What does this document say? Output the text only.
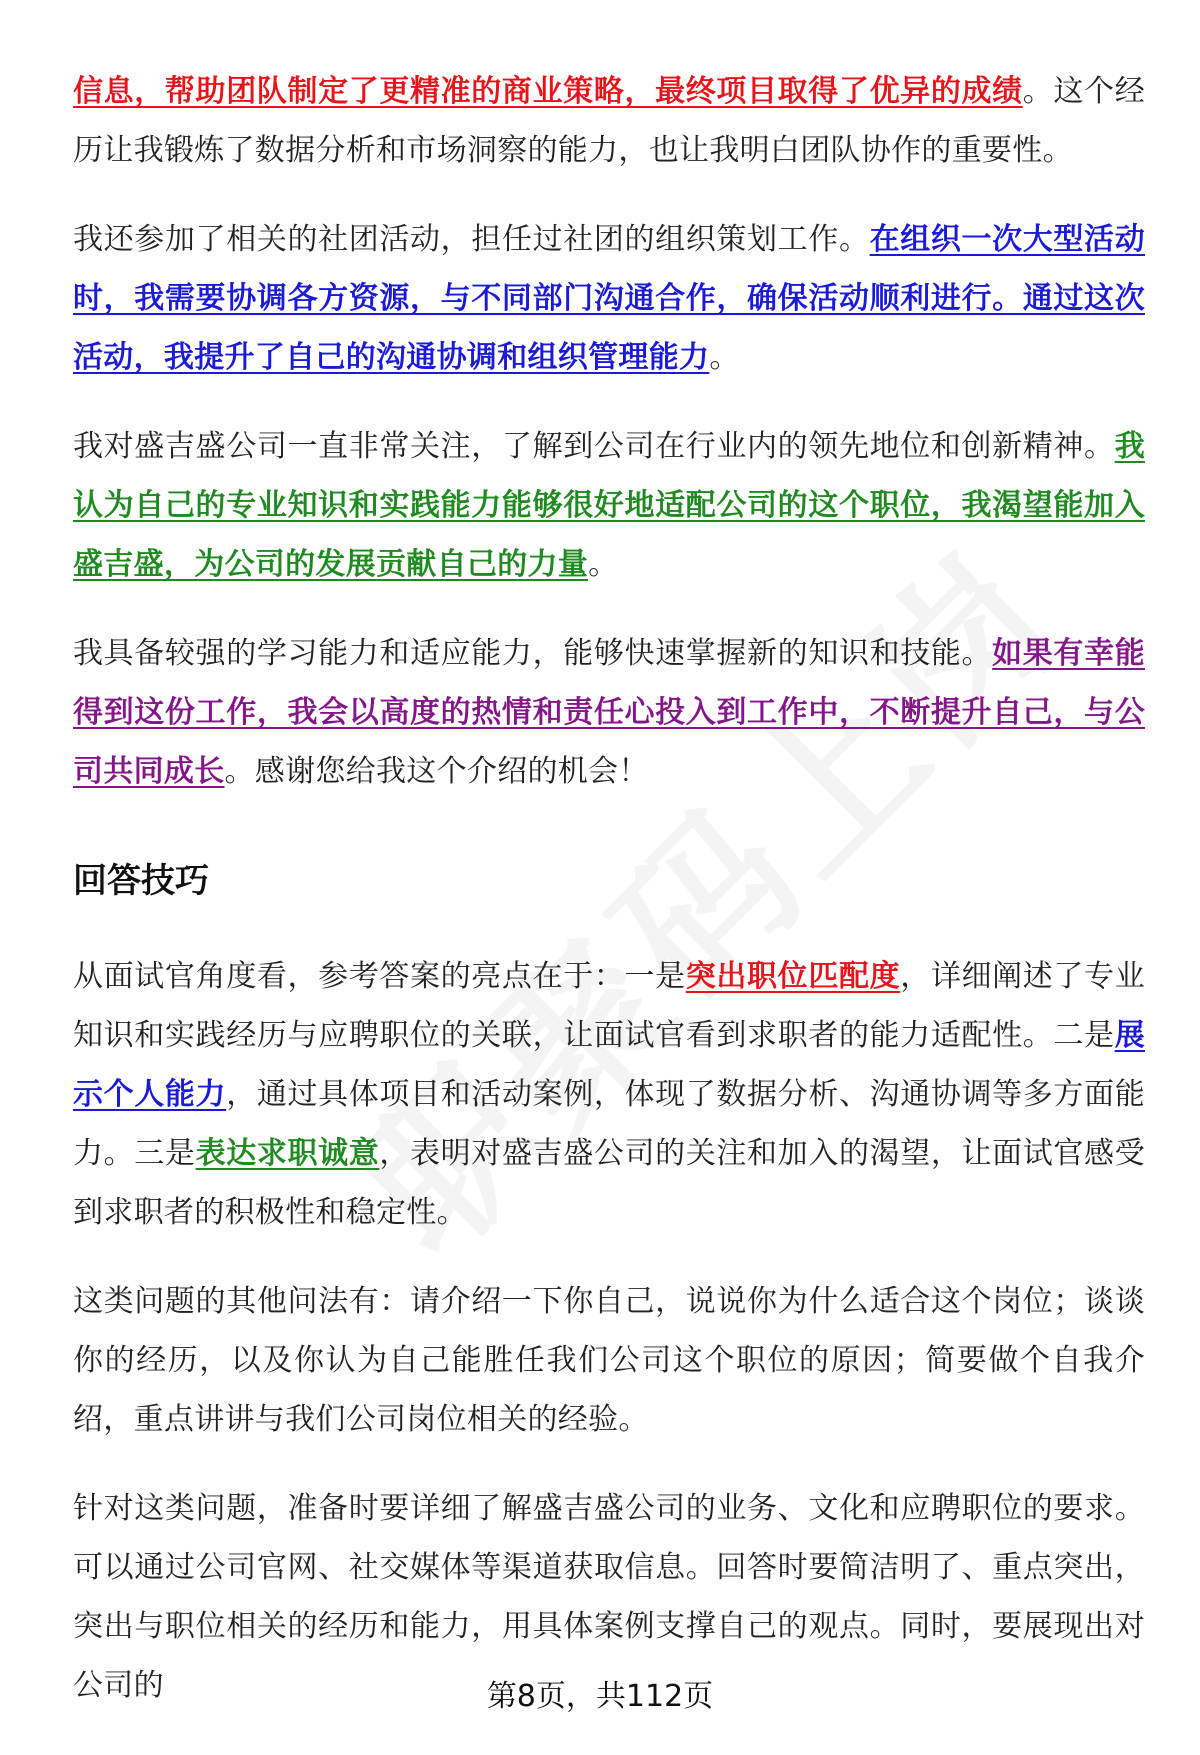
信息，帮助团队制定了更精准的商业策略，最终项目取得了优异的成绩。这个经历让我锻炼了数据分析和市场洞察的能力，也让我明白团队协作的重要性。

我还参加了相关的社团活动，担任过社团的组织策划工作。在组织一次大型活动时，我需要协调各方资源，与不同部门沟通合作，确保活动顺利进行。通过这次活动，我提升了自己的沟通协调和组织管理能力。

我对盛吉盛公司一直非常关注，了解到公司在行业内的领先地位和创新精神。我认为自己的专业知识和实践能力能够很好地适配公司的这个职位，我渴望能加入盛吉盛，为公司的发展贡献自己的力量。

我具备较强的学习能力和适应能力，能够快速掌握新的知识和技能。如果有幸能得到这份工作，我会以高度的热情和责任心投入到工作中，不断提升自己，与公司共同成长。感谢您给我这个介绍的机会！

回答技巧

从面试官角度看，参考答案的亮点在于：一是突出职位匹配度，详细阐述了专业知识和实践经历与应聘职位的关联，让面试官看到求职者的能力适配性。二是展示个人能力，通过具体项目和活动案例，体现了数据分析、沟通协调等多方面能力。三是表达求职诚意，表明对盛吉盛公司的关注和加入的渴望，让面试官感受到求职者的积极性和稳定性。

这类问题的其他问法有：请介绍一下你自己，说说你为什么适合这个岗位；谈谈你的经历，以及你认为自己能胜任我们公司这个职位的原因；简要做个自我介绍，重点讲讲与我们公司岗位相关的经验。

针对这类问题，准备时要详细了解盛吉盛公司的业务、文化和应聘职位的要求。可以通过公司官网、社交媒体等渠道获取信息。回答时要简洁明了、重点突出，突出与职位相关的经历和能力，用具体案例支撑自己的观点。同时，要展现出对公司的	第8页，共112页
